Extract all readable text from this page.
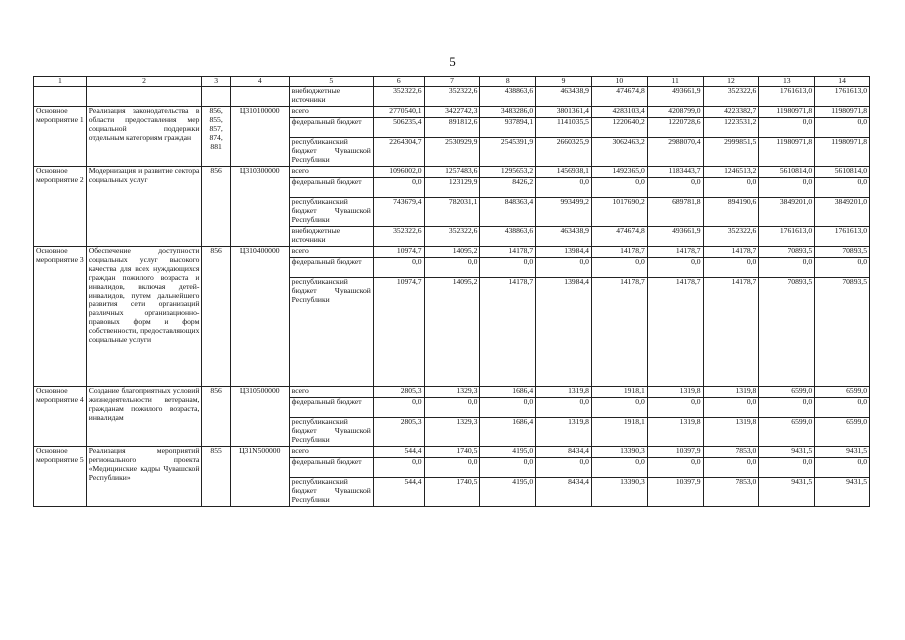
5
1	2	3	4	5	6	7	8	9	10	11	12	13	14
				внебюджетные источники	352322,6	352322,6	438863,6	463438,9	474674,8	493661,9	352322,6	1761613,0	1761613,0
Основное мероприятие 1	Реализация законодательства в области предоставления мер социальной поддержки отдельным категориям граждан	856, 855, 857, 874, 881	Ц310100000	всего	2770540,1	3422742,3	3483286,0	3801361,4	4283103,4	4208799,0	4223382,7	11980971,8	11980971,8
				федеральный бюджет	506235,4	891812,6	937894,1	1141035,5	1220640,2	1220728,6	1223531,2	0,0	0,0
				республиканский бюджет Чувашской Республики	2264304,7	2530929,9	2545391,9	2660325,9	3062463,2	2988070,4	2999851,5	11980971,8	11980971,8
Основное мероприятие 2	Модернизация и развитие сектора социальных услуг	856	Ц310300000	всего	1096002,0	1257483,6	1295653,2	1456938,1	1492365,0	1183443,7	1246513,2	5610814,0	5610814,0
				федеральный бюджет	0,0	123129,9	8426,2	0,0	0,0	0,0	0,0	0,0	0,0
				республиканский бюджет Чувашской Республики	743679,4	782031,1	848363,4	993499,2	1017690,2	689781,8	894190,6	3849201,0	3849201,0
				внебюджетные источники	352322,6	352322,6	438863,6	463438,9	474674,8	493661,9	352322,6	1761613,0	1761613,0
Основное мероприятие 3	Обеспечение доступности социальных услуг высокого качества для всех нуждающихся граждан пожилого возраста и инвалидов, включая детей-инвалидов, путем дальнейшего развития сети организаций различных организационно-правовых форм и форм собственности, предоставляющих социальные услуги	856	Ц310400000	всего	10974,7	14095,2	14178,7	13984,4	14178,7	14178,7	14178,7	70893,5	70893,5
				федеральный бюджет	0,0	0,0	0,0	0,0	0,0	0,0	0,0	0,0	0,0
				республиканский бюджет Чувашской Республики	10974,7	14095,2	14178,7	13984,4	14178,7	14178,7	14178,7	70893,5	70893,5
Основное мероприятие 4	Создание благоприятных условий жизнедеятельности ветеранам, гражданам пожилого возраста, инвалидам	856	Ц310500000	всего	2805,3	1329,3	1686,4	1319,8	1918,1	1319,8	1319,8	6599,0	6599,0
				федеральный бюджет	0,0	0,0	0,0	0,0	0,0	0,0	0,0	0,0	0,0
				республиканский бюджет Чувашской Республики	2805,3	1329,3	1686,4	1319,8	1918,1	1319,8	1319,8	6599,0	6599,0
Основное мероприятие 5	Реализация мероприятий регионального проекта «Медицинские кадры Чувашской Республики»	855	Ц31N500000	всего	544,4	1740,5	4195,0	8434,4	13390,3	10397,9	7853,0	9431,5	9431,5
				федеральный бюджет	0,0	0,0	0,0	0,0	0,0	0,0	0,0	0,0	0,0
				республиканский бюджет Чувашской Республики	544,4	1740,5	4195,0	8434,4	13390,3	10397,9	7853,0	9431,5	9431,5
